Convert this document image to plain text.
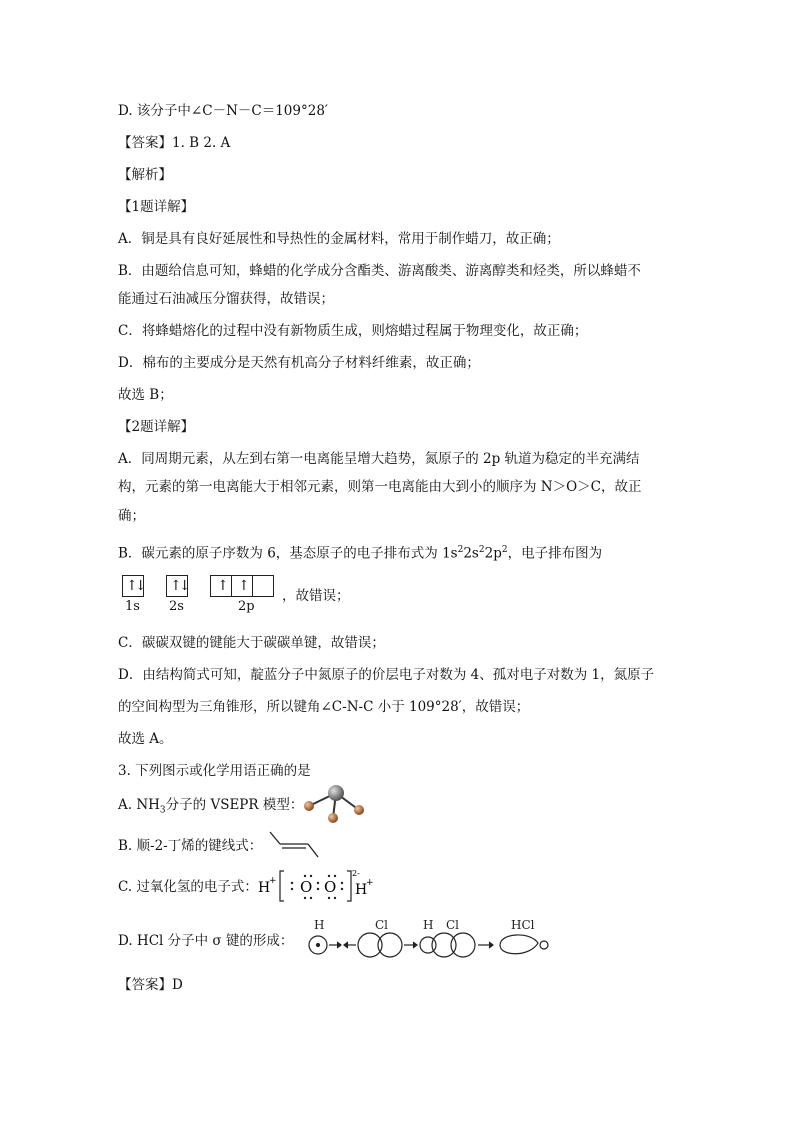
D. 该分子中∠C－N－C＝109°28′
【答案】1. B 2. A
【解析】
【1题详解】
A．铜是具有良好延展性和导热性的金属材料，常用于制作蜡刀，故正确；
B．由题给信息可知，蜂蜡的化学成分含酯类、游离酸类、游离醇类和烃类，所以蜂蜡不
能通过石油减压分馏获得，故错误；
C．将蜂蜡熔化的过程中没有新物质生成，则熔蜡过程属于物理变化，故正确；
D．棉布的主要成分是天然有机高分子材料纤维素，故正确；
故选 B；
【2题详解】
A．同周期元素，从左到右第一电离能呈增大趋势，氮原子的 2p 轨道为稳定的半充满结
构，元素的第一电离能大于相邻元素，则第一电离能由大到小的顺序为 N＞O＞C，故正
确；
B．碳元素的原子序数为 6，基态原子的电子排布式为 $1s^22s^22p^2$，电子排布图为
↑↓
1s
↑↓
2s
↑ ↑
2p
，故错误；
C．碳碳双键的键能大于碳碳单键，故错误；
D．由结构简式可知，靛蓝分子中氮原子的价层电子对数为 4、孤对电子对数为 1，氮原子
的空间构型为三角锥形，所以键角∠C-N-C 小于 109°28′，故错误；
故选 A。
3. 下列图示或化学用语正确的是
A. $NH_3$分子的 VSEPR 模型：
B. 顺-2-丁烯的键线式：
C. 过氧化氢的电子式： H
+ O O
2-
H
+
D. HCl 分子中 σ 键的形成：
H	Cl	H Cl	HCl
【答案】D
